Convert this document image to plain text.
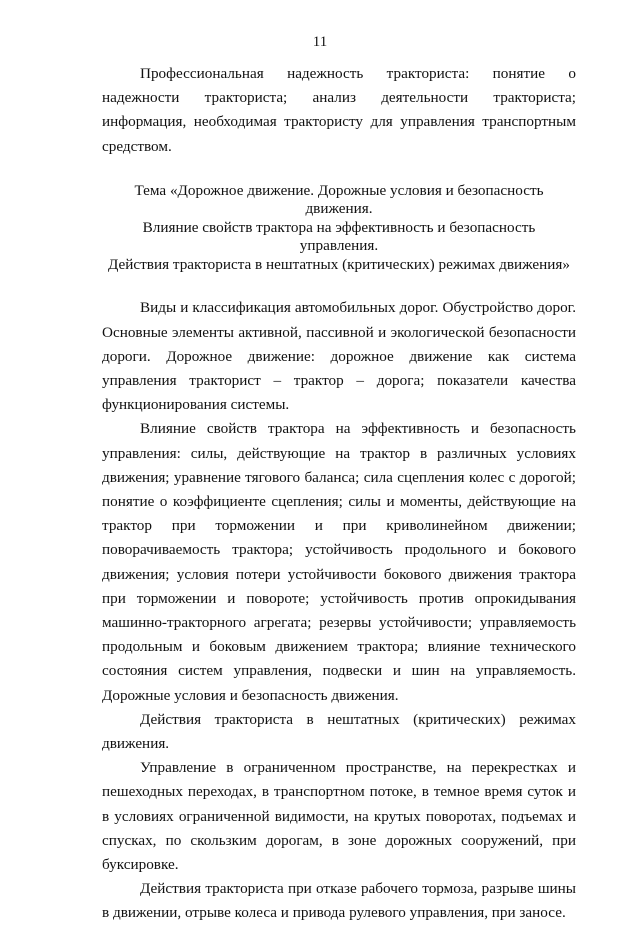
11

Профессиональная надежность тракториста: понятие о надежности тракториста; анализ деятельности тракториста; информация, необходимая трактористу для управления транспортным средством.

Тема «Дорожное движение. Дорожные условия и безопасность движения.
Влияние свойств трактора на эффективность и безопасность управления.
Действия тракториста в нештатных (критических) режимах движения»

Виды и классификация автомобильных дорог. Обустройство дорог. Основные элементы активной, пассивной и экологической безопасности дороги. Дорожное движение: дорожное движение как система управления тракторист – трактор – дорога; показатели качества функционирования системы.

Влияние свойств трактора на эффективность и безопасность управления: силы, действующие на трактор в различных условиях движения; уравнение тягового баланса; сила сцепления колес с дорогой; понятие о коэффициенте сцепления; силы и моменты, действующие на трактор при торможении и при криволинейном движении; поворачиваемость трактора; устойчивость продольного и бокового движения; условия потери устойчивости бокового движения трактора при торможении и повороте; устойчивость против опрокидывания машинно-тракторного агрегата; резервы устойчивости; управляемость продольным и боковым движением трактора; влияние технического состояния систем управления, подвески и шин на управляемость. Дорожные условия и безопасность движения.

Действия тракториста в нештатных (критических) режимах движения.

Управление в ограниченном пространстве, на перекрестках и пешеходных переходах, в транспортном потоке, в темное время суток и в условиях ограниченной видимости, на крутых поворотах, подъемах и спусках, по скользким дорогам, в зоне дорожных сооружений, при буксировке.

Действия тракториста при отказе рабочего тормоза, разрыве шины в движении, отрыве колеса и привода рулевого управления, при заносе.
